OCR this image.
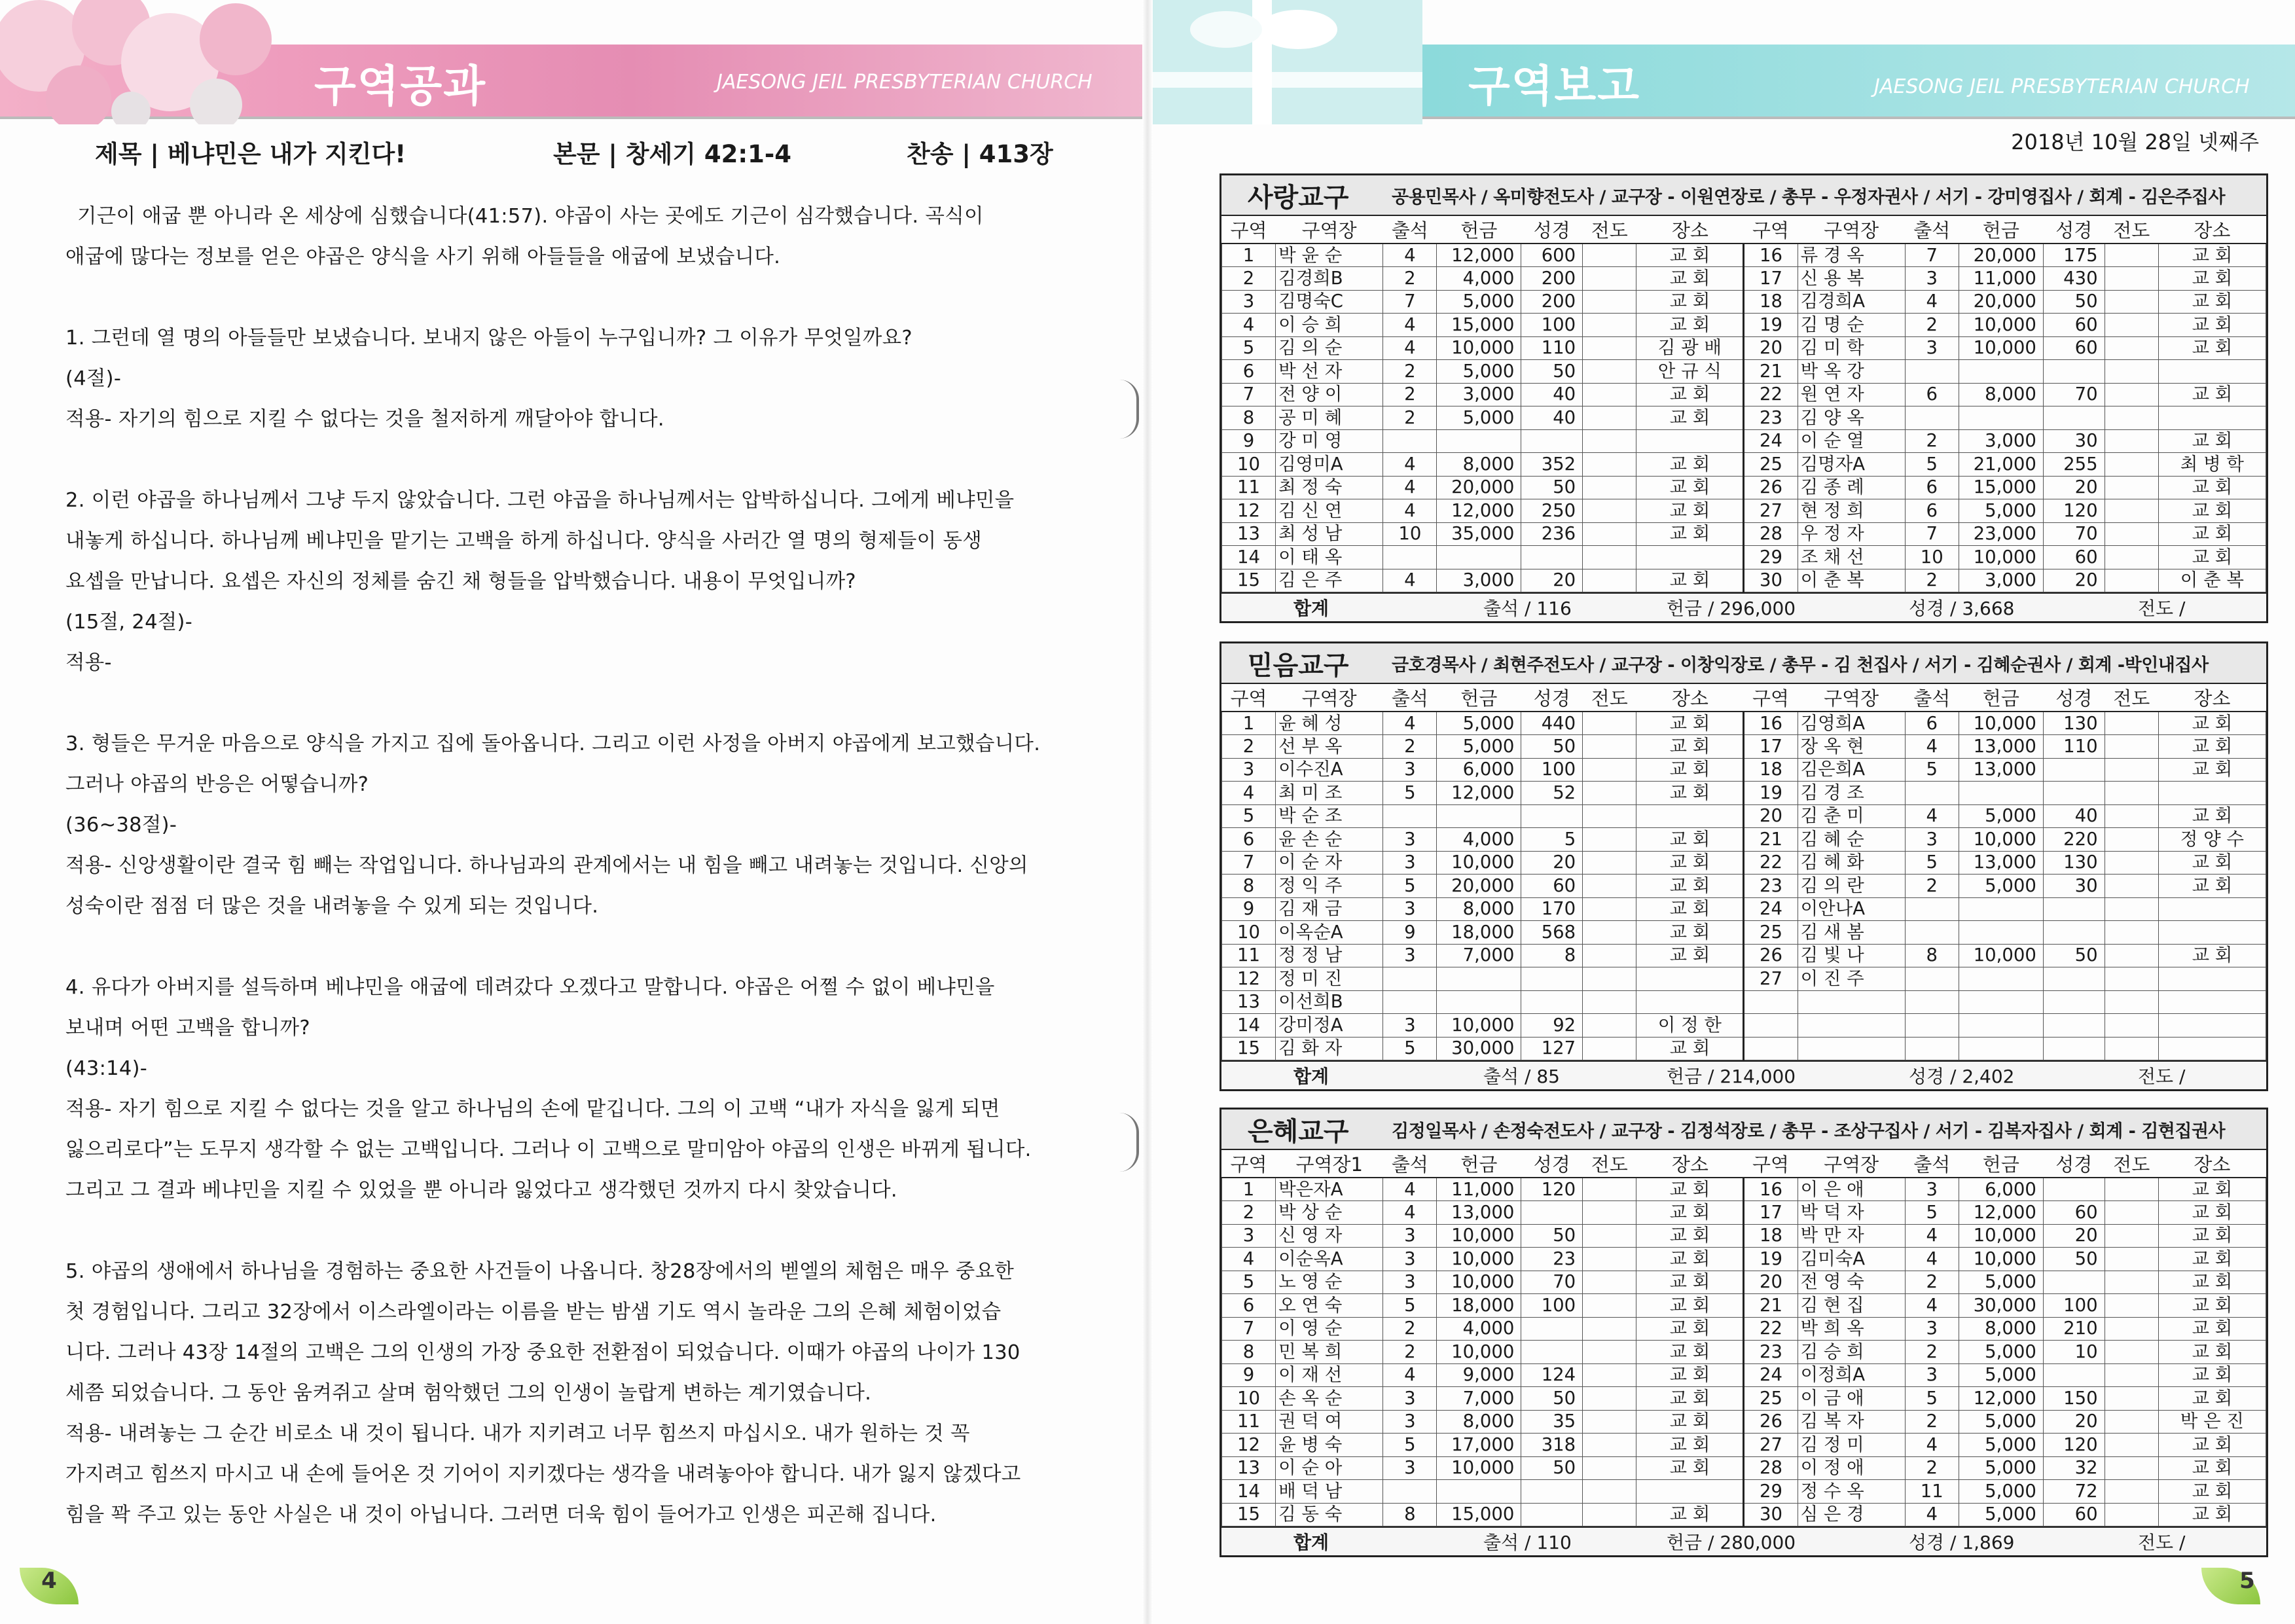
구역공과	JAESONG JEIL PRESBYTERIAN CHURCH
제목 | 베냐민은 내가 지킨다!	본문 | 창세기 42:1-4	찬송 | 413장

기근이 애굽 뿐 아니라 온 세상에 심했습니다(41:57). 야곱이 사는 곳에도 기근이 심각했습니다. 곡식이

애굽에 많다는 정보를 얻은 야곱은 양식을 사기 위해 아들들을 애굽에 보냈습니다.

1. 그런데 열 명의 아들들만 보냈습니다. 보내지 않은 아들이 누구입니까? 그 이유가 무엇일까요?

(4절)-

적용- 자기의 힘으로 지킬 수 없다는 것을 철저하게 깨달아야 합니다.

2. 이런 야곱을 하나님께서 그냥 두지 않았습니다. 그런 야곱을 하나님께서는 압박하십니다. 그에게 베냐민을

내놓게 하십니다. 하나님께 베냐민을 맡기는 고백을 하게 하십니다. 양식을 사러간 열 명의 형제들이 동생

요셉을 만납니다. 요셉은 자신의 정체를 숨긴 채 형들을 압박했습니다. 내용이 무엇입니까?

(15절, 24절)-

적용-

3. 형들은 무거운 마음으로 양식을 가지고 집에 돌아옵니다. 그리고 이런 사정을 아버지 야곱에게 보고했습니다.

그러나 야곱의 반응은 어떻습니까?

(36~38절)-

적용- 신앙생활이란 결국 힘 빼는 작업입니다. 하나님과의 관계에서는 내 힘을 빼고 내려놓는 것입니다. 신앙의

성숙이란 점점 더 많은 것을 내려놓을 수 있게 되는 것입니다.

4. 유다가 아버지를 설득하며 베냐민을 애굽에 데려갔다 오겠다고 말합니다. 야곱은 어쩔 수 없이 베냐민을

보내며 어떤 고백을 합니까?

(43:14)-

적용- 자기 힘으로 지킬 수 없다는 것을 알고 하나님의 손에 맡깁니다. 그의 이 고백 “내가 자식을 잃게 되면

잃으리로다”는 도무지 생각할 수 없는 고백입니다. 그러나 이 고백으로 말미암아 야곱의 인생은 바뀌게 됩니다.

그리고 그 결과 베냐민을 지킬 수 있었을 뿐 아니라 잃었다고 생각했던 것까지 다시 찾았습니다.

5. 야곱의 생애에서 하나님을 경험하는 중요한 사건들이 나옵니다. 창28장에서의 벧엘의 체험은 매우 중요한

첫 경험입니다. 그리고 32장에서 이스라엘이라는 이름을 받는 밤샘 기도 역시 놀라운 그의 은혜 체험이었습

니다. 그러나 43장 14절의 고백은 그의 인생의 가장 중요한 전환점이 되었습니다. 이때가 야곱의 나이가 130

세쯤 되었습니다. 그 동안 움켜쥐고 살며 험악했던 그의 인생이 놀랍게 변하는 계기였습니다.

적용- 내려놓는 그 순간 비로소 내 것이 됩니다. 내가 지키려고 너무 힘쓰지 마십시오. 내가 원하는 것 꼭

가지려고 힘쓰지 마시고 내 손에 들어온 것 기어이 지키겠다는 생각을 내려놓아야 합니다. 내가 잃지 않겠다고

힘을 꽉 주고 있는 동안 사실은 내 것이 아닙니다. 그러면 더욱 힘이 들어가고 인생은 피곤해 집니다.

4
구역보고	JAESONG JEIL PRESBYTERIAN CHURCH
2018년 10월 28일 넷째주
사랑교구	공용민목사 / 옥미향전도사 / 교구장 - 이원연장로 / 총무 - 우정자권사 / 서기 - 강미영집사 / 회계 - 김은주집사
구역	구역장	출석	헌금	성경	전도	장소	구역	구역장	출석	헌금	성경	전도	장소
1	박 윤 순	4	12,000	600		교 회	16	류 경 옥	7	20,000	175		교 회
2	김경희B	2	4,000	200		교 회	17	신 용 복	3	11,000	430		교 회
3	김명숙C	7	5,000	200		교 회	18	김경희A	4	20,000	50		교 회
4	이 승 희	4	15,000	100		교 회	19	김 명 순	2	10,000	60		교 회
5	김 의 순	4	10,000	110		김 광 배	20	김 미 학	3	10,000	60		교 회
6	박 선 자	2	5,000	50		안 규 식	21	박 옥 강					
7	전 양 이	2	3,000	40		교 회	22	원 연 자	6	8,000	70		교 회
8	공 미 혜	2	5,000	40		교 회	23	김 양 옥					
9	강 미 영						24	이 순 열	2	3,000	30		교 회
10	김영미A	4	8,000	352		교 회	25	김명자A	5	21,000	255		최 병 학
11	최 정 숙	4	20,000	50		교 회	26	김 종 례	6	15,000	20		교 회
12	김 신 연	4	12,000	250		교 회	27	현 정 희	6	5,000	120		교 회
13	최 성 남	10	35,000	236		교 회	28	우 정 자	7	23,000	70		교 회
14	이 태 옥						29	조 채 선	10	10,000	60		교 회
15	김 은 주	4	3,000	20		교 회	30	이 춘 복	2	3,000	20		이 춘 복
합계	출석 / 116	헌금 / 296,000	성경 / 3,668	전도 /
믿음교구	금호경목사 / 최현주전도사 / 교구장 - 이창익장로 / 총무 - 김 천집사 / 서기 - 김혜순권사 / 회계 -박인내집사
구역	구역장	출석	헌금	성경	전도	장소	구역	구역장	출석	헌금	성경	전도	장소
1	윤 혜 성	4	5,000	440		교 회	16	김영희A	6	10,000	130		교 회
2	선 부 옥	2	5,000	50		교 회	17	장 옥 현	4	13,000	110		교 회
3	이수진A	3	6,000	100		교 회	18	김은희A	5	13,000			교 회
4	최 미 조	5	12,000	52		교 회	19	김 경 조					
5	박 순 조						20	김 춘 미	4	5,000	40		교 회
6	윤 손 순	3	4,000	5		교 회	21	김 혜 순	3	10,000	220		정 양 수
7	이 순 자	3	10,000	20		교 회	22	김 혜 화	5	13,000	130		교 회
8	정 익 주	5	20,000	60		교 회	23	김 의 란	2	5,000	30		교 회
9	김 재 금	3	8,000	170		교 회	24	이안나A					
10	이옥순A	9	18,000	568		교 회	25	김 새 봄					
11	정 정 남	3	7,000	8		교 회	26	김 빛 나	8	10,000	50		교 회
12	정 미 진						27	이 진 주					
13	이선희B												
14	강미정A	3	10,000	92		이 정 한							
15	김 화 자	5	30,000	127		교 회							
합계	출석 / 85	헌금 / 214,000	성경 / 2,402	전도 /
은혜교구	김정일목사 / 손정숙전도사 / 교구장 - 김정석장로 / 총무 - 조상구집사 / 서기 - 김복자집사 / 회계 - 김현집권사
구역	구역장1	출석	헌금	성경	전도	장소	구역	구역장	출석	헌금	성경	전도	장소
1	박은자A	4	11,000	120		교 회	16	이 은 애	3	6,000			교 회
2	박 상 순	4	13,000			교 회	17	박 덕 자	5	12,000	60		교 회
3	신 영 자	3	10,000	50		교 회	18	박 만 자	4	10,000	20		교 회
4	이순옥A	3	10,000	23		교 회	19	김미숙A	4	10,000	50		교 회
5	노 영 순	3	10,000	70		교 회	20	전 영 숙	2	5,000			교 회
6	오 연 숙	5	18,000	100		교 회	21	김 현 집	4	30,000	100		교 회
7	이 영 순	2	4,000			교 회	22	박 희 옥	3	8,000	210		교 회
8	민 복 희	2	10,000			교 회	23	김 승 희	2	5,000	10		교 회
9	이 재 선	4	9,000	124		교 회	24	이정희A	3	5,000			교 회
10	손 옥 순	3	7,000	50		교 회	25	이 금 애	5	12,000	150		교 회
11	권 덕 여	3	8,000	35		교 회	26	김 복 자	2	5,000	20		박 은 진
12	윤 병 숙	5	17,000	318		교 회	27	김 정 미	4	5,000	120		교 회
13	이 순 아	3	10,000	50		교 회	28	이 정 애	2	5,000	32		교 회
14	배 덕 남						29	정 수 옥	11	5,000	72		교 회
15	김 동 숙	8	15,000			교 회	30	심 은 경	4	5,000	60		교 회
합계	출석 / 110	헌금 / 280,000	성경 / 1,869	전도 /
5
